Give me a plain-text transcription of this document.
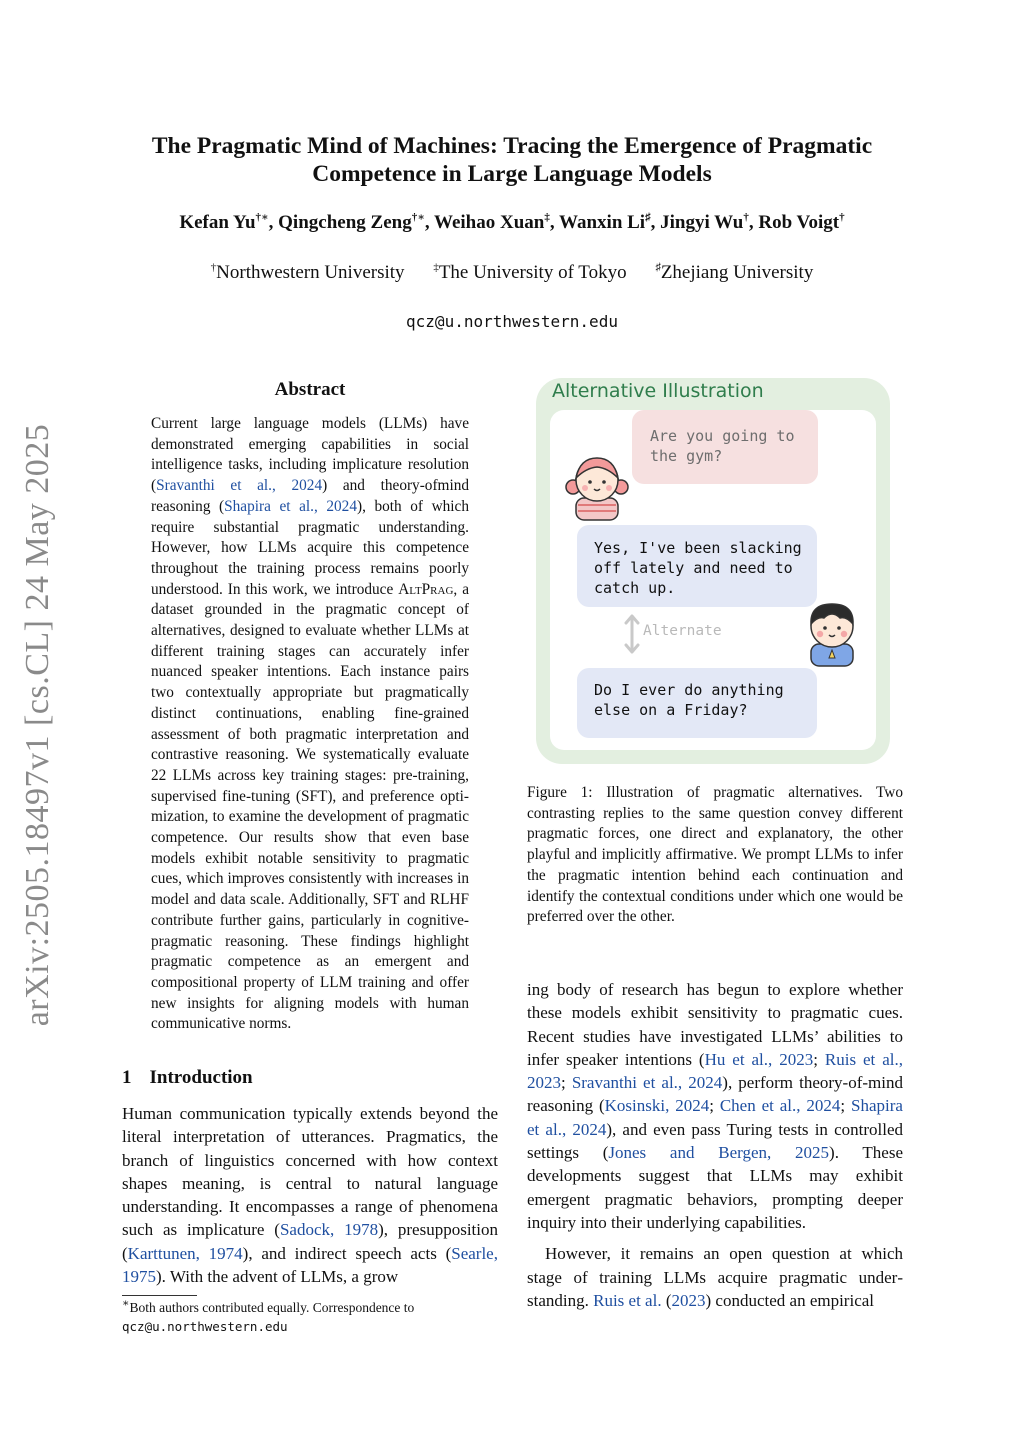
The Pragmatic Mind of Machines: Tracing the Emergence of Pragmatic
Competence in Large Language Models
Kefan Yu†∗, Qingcheng Zeng†∗, Weihao Xuan‡, Wanxin Li♯, Jingyi Wu†, Rob Voigt†
†Northwestern University	‡The University of Tokyo	♯Zhejiang University
qcz@u.northwestern.edu
arXiv:2505.18497v1 [cs.CL] 24 May 2025
Abstract
Current large language models (LLMs) have demonstrated emerging capabilities in social intelligence tasks, including implicature resolution (Sravanthi et al., 2024) and theory-ofmind reasoning (Shapira et al., 2024), both of which require substantial pragmatic understanding. However, how LLMs acquire this competence throughout the training process remains poorly understood. In this work, we introduce AltPrag, a dataset grounded in the pragmatic concept of alternatives, designed to evaluate whether LLMs at different training stages can accurately infer nuanced speaker intentions. Each instance pairs two contextually appropriate but pragmatically distinct continuations, enabling fine-grained assessment of both pragmatic interpretation and contrastive reasoning. We systematically evaluate 22 LLMs across key training stages: pre-training, supervised fine-tuning (SFT), and preference optimization, to examine the development of pragmatic competence. Our results show that even base models exhibit notable sensitivity to pragmatic cues, which improves consistently with increases in model and data scale. Additionally, SFT and RLHF contribute further gains, particularly in cognitive-pragmatic reasoning. These findings highlight pragmatic competence as an emergent and compositional property of LLM training and offer new insights for aligning models with human communicative norms.
1 Introduction
Human communication typically extends beyond the literal interpretation of utterances. Pragmatics, the branch of linguistics concerned with how context shapes meaning, is central to natural language understanding. It encompasses a range of phenomena such as implicature (Sadock, 1978), presupposition (Karttunen, 1974), and indirect speech acts (Searle, 1975). With the advent of LLMs, a grow
∗Both authors contributed equally. Correspondence to
qcz@u.northwestern.edu
Alternative Illustration
Are you going to the gym?
Yes, I've been slacking off lately and need to catch up.
Do I ever do anything else on a Friday?
Alternate
Figure 1: Illustration of pragmatic alternatives. Two contrasting replies to the same question convey different pragmatic forces, one direct and explanatory, the other playful and implicitly affirmative. We prompt LLMs to infer the pragmatic intention behind each continuation and identify the contextual conditions under which one would be preferred over the other.

ing body of research has begun to explore whether these models exhibit sensitivity to pragmatic cues. Recent studies have investigated LLMs’ abilities to infer speaker intentions (Hu et al., 2023; Ruis et al., 2023; Sravanthi et al., 2024), perform theory-of-mind reasoning (Kosinski, 2024; Chen et al., 2024; Shapira et al., 2024), and even pass Turing tests in controlled settings (Jones and Bergen, 2025). These developments suggest that LLMs may exhibit emergent pragmatic behaviors, prompting deeper inquiry into their underlying capabilities.

However, it remains an open question at which stage of training LLMs acquire pragmatic understanding. Ruis et al. (2023) conducted an empirical
